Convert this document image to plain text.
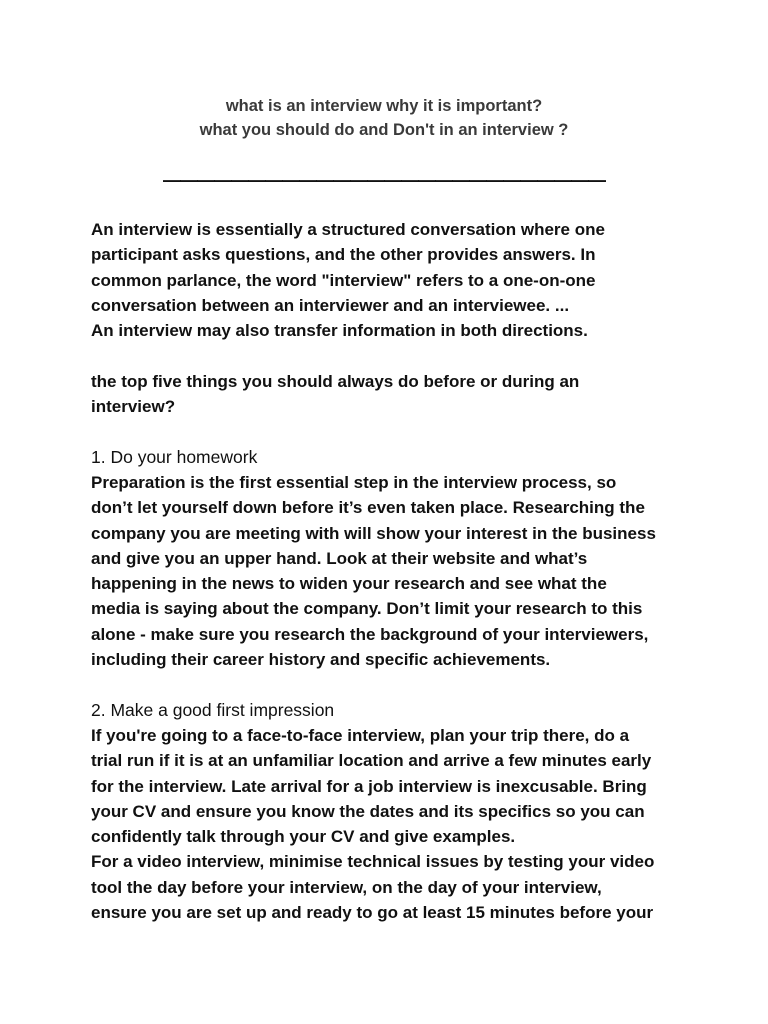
what is an interview why it is important?
what you should do and Don't in an interview ?
——————————————————————————
An interview is essentially a structured conversation where one
participant asks questions, and the other provides answers. In
common parlance, the word "interview" refers to a one-on-one
conversation between an interviewer and an interviewee. ...
An interview may also transfer information in both directions.
the top five things you should always do before or during an
interview?
1. Do your homework
Preparation is the first essential step in the interview process, so
don’t let yourself down before it’s even taken place. Researching the
company you are meeting with will show your interest in the business
and give you an upper hand. Look at their website and what’s
happening in the news to widen your research and see what the
media is saying about the company. Don’t limit your research to this
alone - make sure you research the background of your interviewers,
including their career history and specific achievements.
2. Make a good first impression
If you're going to a face-to-face interview, plan your trip there, do a
trial run if it is at an unfamiliar location and arrive a few minutes early
for the interview. Late arrival for a job interview is inexcusable. Bring
your CV and ensure you know the dates and its specifics so you can
confidently talk through your CV and give examples.
For a video interview, minimise technical issues by testing your video
tool the day before your interview, on the day of your interview,
ensure you are set up and ready to go at least 15 minutes before your
